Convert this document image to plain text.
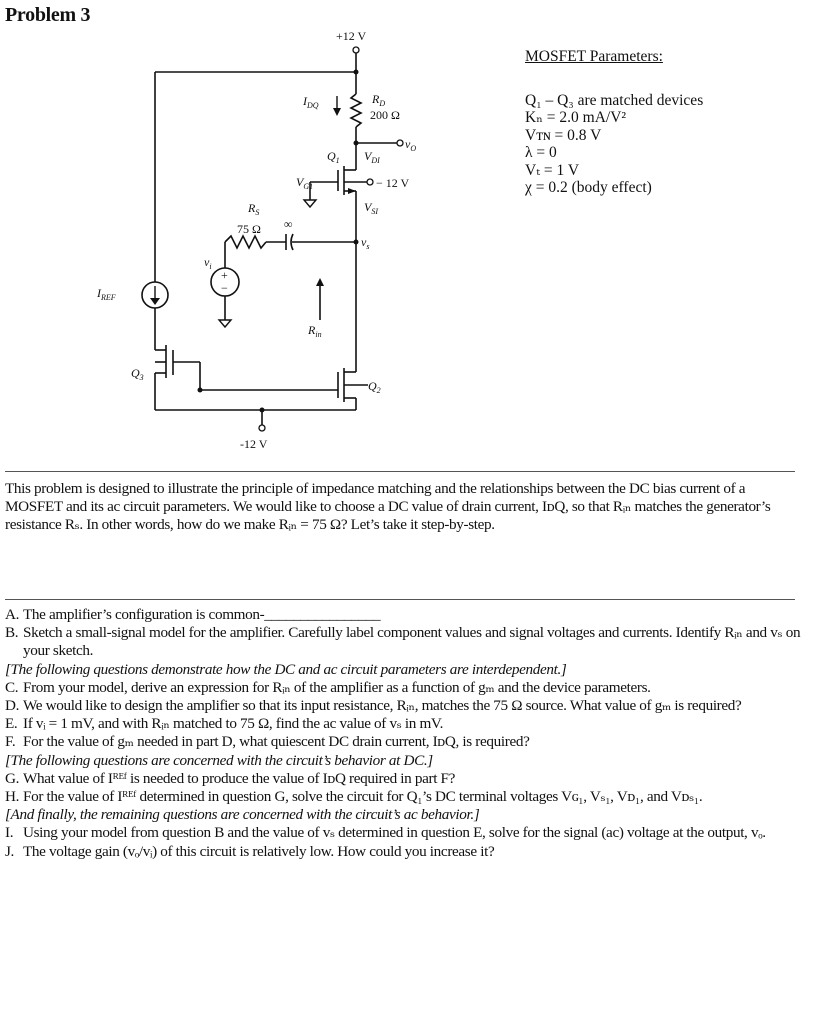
Problem 3
+12 V
-12 V
− 12 V
$R_D$
200 Ω
$I_{DQ}$
$v_O$
$V_{DI}$
$Q_1$
$V_{G1}$
$V_{SI}$
$R_S$
75 Ω ∞
$v_s$
$v_i$
+
−
$I_{REF}$
$R_{in}$
$Q_3$
$Q_2$
MOSFET Parameters:
Q₁ – Q₃ are matched devices
Kₙ = 2.0 mA/V²
Vᴛɴ = 0.8 V
λ = 0
Vₜ = 1 V
χ = 0.2 (body effect)
This problem is designed to illustrate the principle of impedance matching and the relationships between the DC bias current of a MOSFET and its ac circuit parameters. We would like to choose a DC value of drain current, IᴅQ, so that Rᵢₙ matches the generator’s resistance Rₛ. In other words, how do we make Rᵢₙ = 75 Ω? Let’s take it step-by-step.
A. The amplifier’s configuration is common-________________
B. Sketch a small-signal model for the amplifier. Carefully label component values and signal voltages and currents. Identify Rᵢₙ and vₛ on your sketch.
[The following questions demonstrate how the DC and ac circuit parameters are interdependent.]
C. From your model, derive an expression for Rᵢₙ of the amplifier as a function of gₘ and the device parameters.
D. We would like to design the amplifier so that its input resistance, Rᵢₙ, matches the 75 Ω source. What value of gₘ is required?
E. If vᵢ = 1 mV, and with Rᵢₙ matched to 75 Ω, find the ac value of vₛ in mV.
F. For the value of gₘ needed in part D, what quiescent DC drain current, IᴅQ, is required?
[The following questions are concerned with the circuit’s behavior at DC.]
G. What value of Iᴿᴱᶠ is needed to produce the value of IᴅQ required in part F?
H. For the value of Iᴿᴱᶠ determined in question G, solve the circuit for Q₁’s DC terminal voltages Vɢ₁, Vₛ₁, Vᴅ₁, and Vᴅₛ₁.
[And finally, the remaining questions are concerned with the circuit’s ac behavior.]
I. Using your model from question B and the value of vₛ determined in question E, solve for the signal (ac) voltage at the output, vₒ.
J. The voltage gain (vₒ/vᵢ) of this circuit is relatively low. How could you increase it?
